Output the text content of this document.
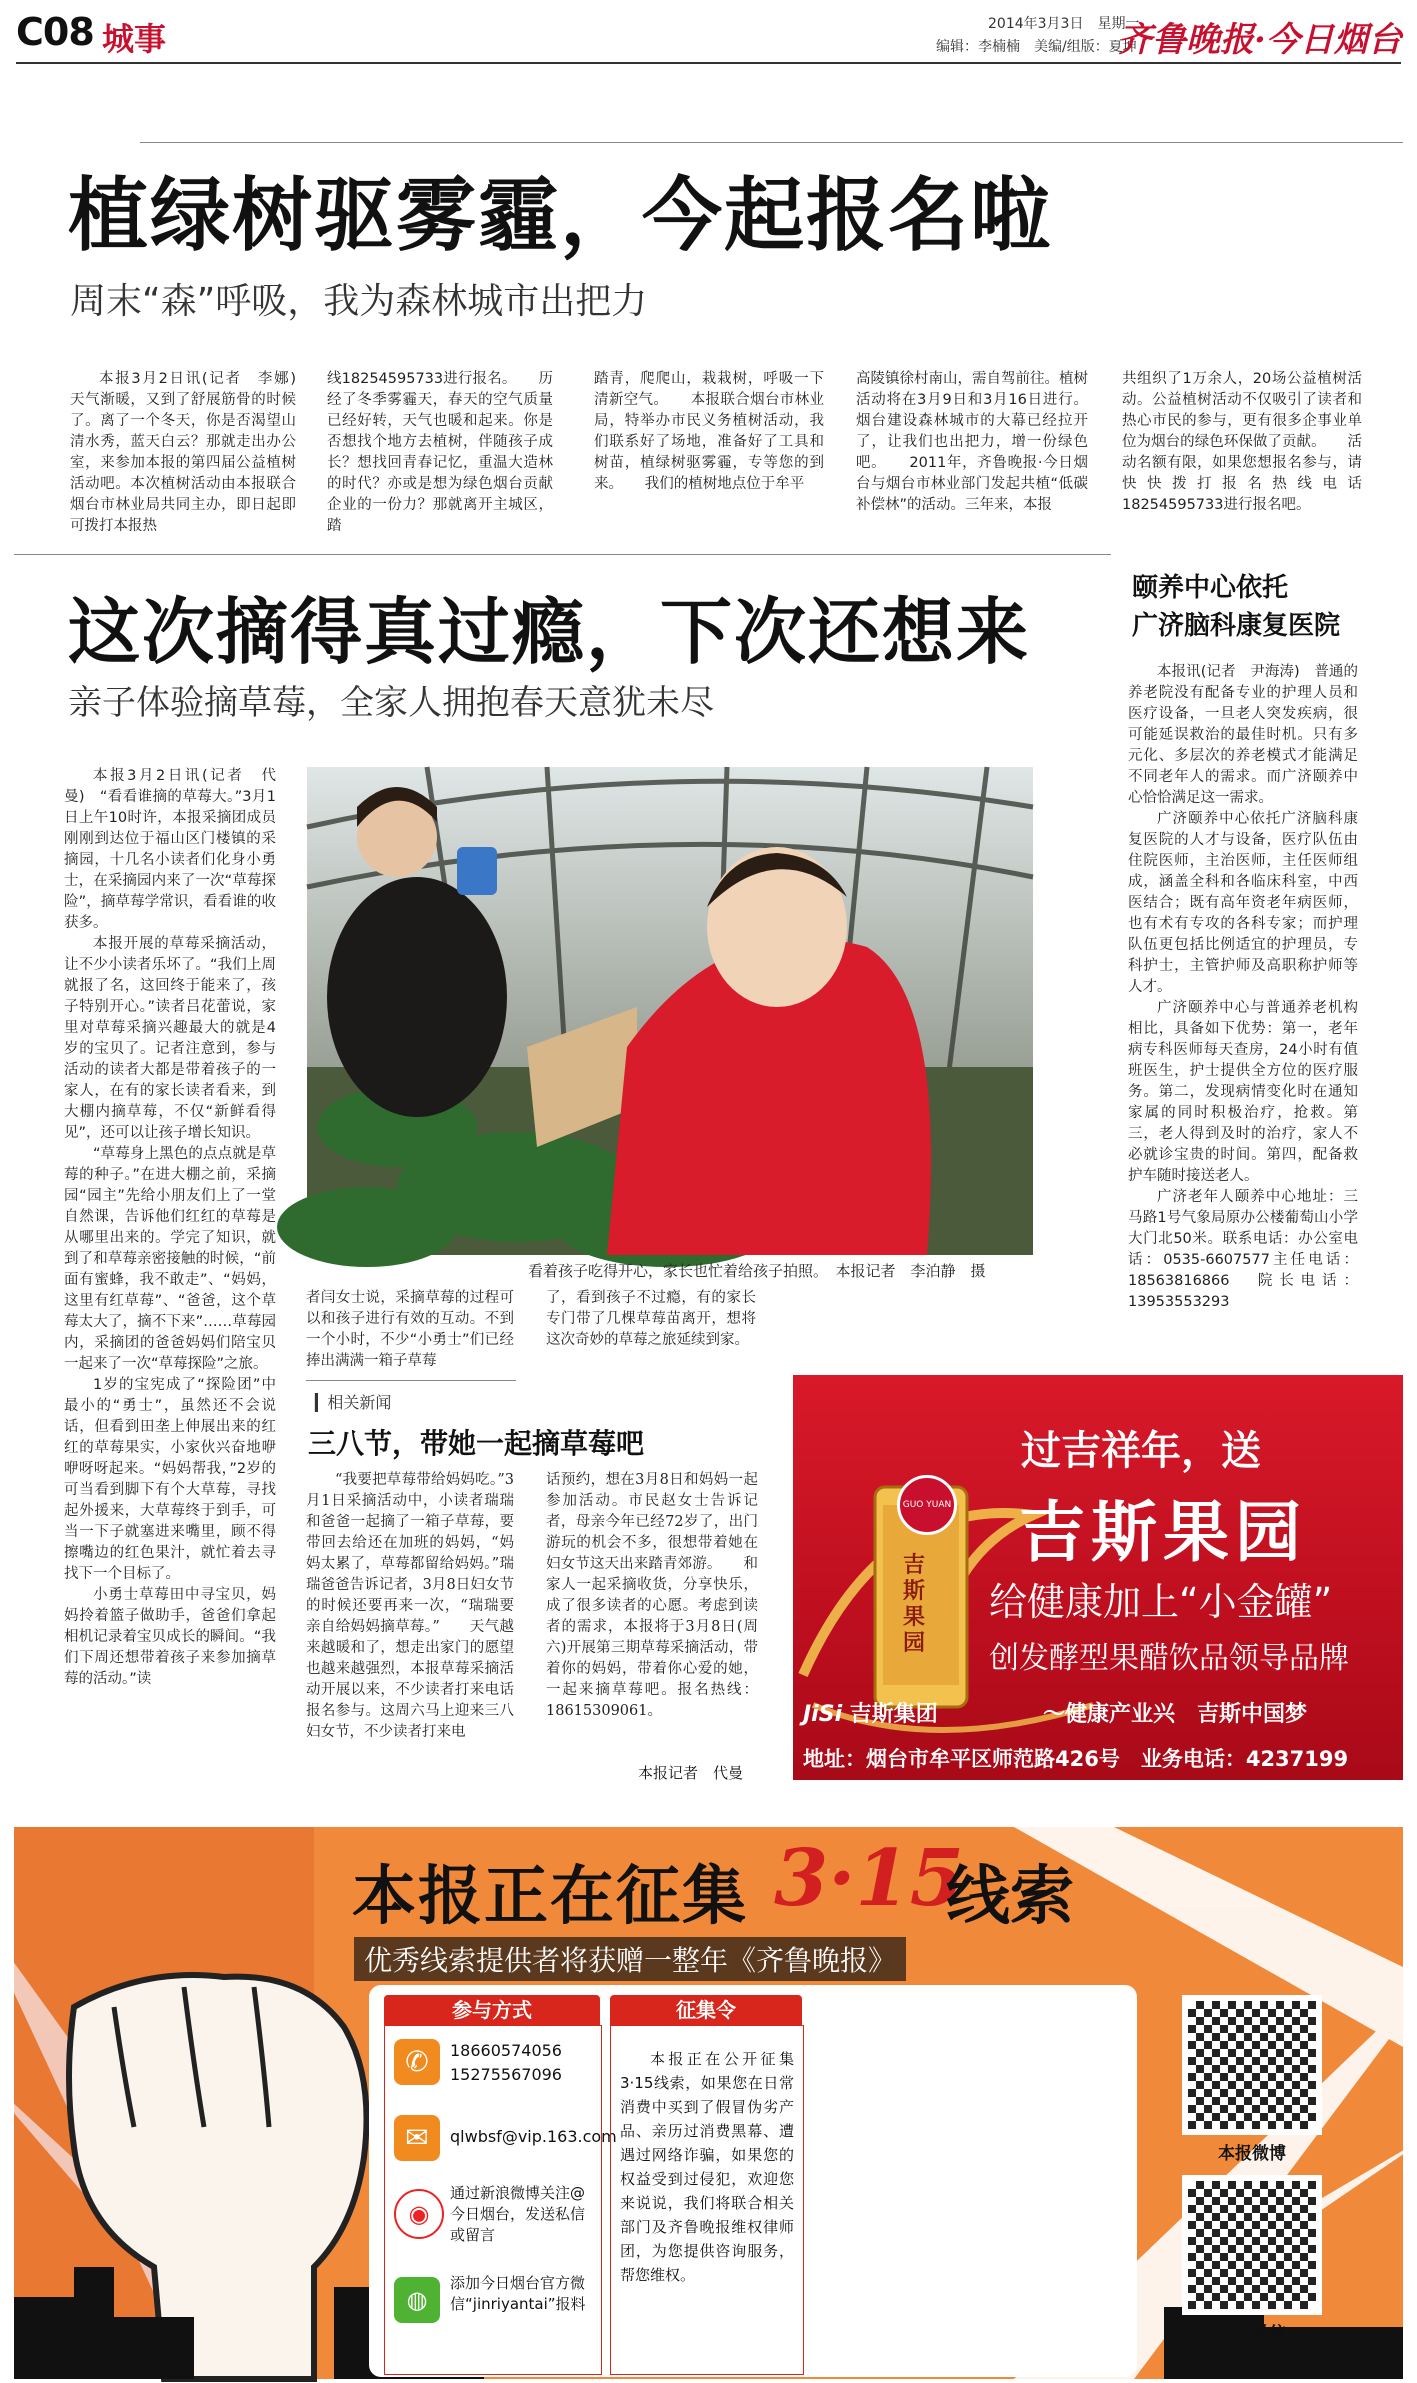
C08 城事	2014年3月3日　星期一
编辑：李楠楠　美编/组版：夏坤
齐鲁晚报·今日烟台
植绿树驱雾霾，今起报名啦
周末“森”呼吸，我为森林城市出把力

本报3月2日讯(记者　李娜)　天气渐暖，又到了舒展筋骨的时候了。离了一个冬天，你是否渴望山清水秀，蓝天白云？那就走出办公室，来参加本报的第四届公益植树活动吧。本次植树活动由本报联合烟台市林业局共同主办，即日起即可拨打本报热

线18254595733进行报名。　　历经了冬季雾霾天，春天的空气质量已经好转，天气也暖和起来。你是否想找个地方去植树，伴随孩子成长？想找回青春记忆，重温大造林的时代？亦或是想为绿色烟台贡献企业的一份力？那就离开主城区，踏

踏青，爬爬山，栽栽树，呼吸一下清新空气。　　本报联合烟台市林业局，特举办市民义务植树活动，我们联系好了场地，准备好了工具和树苗，植绿树驱雾霾，专等您的到来。　　我们的植树地点位于牟平

高陵镇徐村南山，需自驾前往。植树活动将在3月9日和3月16日进行。烟台建设森林城市的大幕已经拉开了，让我们也出把力，增一份绿色吧。　　2011年，齐鲁晚报·今日烟台与烟台市林业部门发起共植“低碳补偿林”的活动。三年来，本报

共组织了1万余人，20场公益植树活动。公益植树活动不仅吸引了读者和热心市民的参与，更有很多企事业单位为烟台的绿色环保做了贡献。　　活动名额有限，如果您想报名参与，请快快拨打报名热线电话18254595733进行报名吧。

这次摘得真过瘾，下次还想来
亲子体验摘草莓，全家人拥抱春天意犹未尽

本报3月2日讯(记者　代曼)　“看看谁摘的草莓大。”3月1日上午10时许，本报采摘团成员刚刚到达位于福山区门楼镇的采摘园，十几名小读者们化身小勇士，在采摘园内来了一次“草莓探险”，摘草莓学常识，看看谁的收获多。

本报开展的草莓采摘活动，让不少小读者乐坏了。“我们上周就报了名，这回终于能来了，孩子特别开心。”读者吕花蕾说，家里对草莓采摘兴趣最大的就是4岁的宝贝了。记者注意到，参与活动的读者大都是带着孩子的一家人，在有的家长读者看来，到大棚内摘草莓，不仅“新鲜看得见”，还可以让孩子增长知识。

“草莓身上黑色的点点就是草莓的种子。”在进大棚之前，采摘园“园主”先给小朋友们上了一堂自然课，告诉他们红红的草莓是从哪里出来的。学完了知识，就到了和草莓亲密接触的时候，“前面有蜜蜂，我不敢走”、“妈妈，这里有红草莓”、“爸爸，这个草莓太大了，摘不下来”……草莓园内，采摘团的爸爸妈妈们陪宝贝一起来了一次“草莓探险”之旅。

1岁的宝宪成了“探险团”中最小的“勇士”，虽然还不会说话，但看到田垄上伸展出来的红红的草莓果实，小家伙兴奋地咿咿呀呀起来。“妈妈帮我，”2岁的可当看到脚下有个大草莓，寻找起外援来，大草莓终于到手，可当一下子就塞进来嘴里，顾不得擦嘴边的红色果汁，就忙着去寻找下一个目标了。

小勇士草莓田中寻宝贝，妈妈拎着篮子做助手，爸爸们拿起相机记录着宝贝成长的瞬间。“我们下周还想带着孩子来参加摘草莓的活动。”读

看着孩子吃得开心，家长也忙着给孩子拍照。　本报记者　李泊静　摄

者闫女士说，采摘草莓的过程可以和孩子进行有效的互动。不到一个小时，不少“小勇士”们已经捧出满满一箱子草莓

了，看到孩子不过瘾，有的家长专门带了几棵草莓苗离开，想将这次奇妙的草莓之旅延续到家。

▎相关新闻
三八节，带她一起摘草莓吧

“我要把草莓带给妈妈吃。”3月1日采摘活动中，小读者瑞瑞和爸爸一起摘了一箱子草莓，要带回去给还在加班的妈妈，“妈妈太累了，草莓都留给妈妈。”瑞瑞爸爸告诉记者，3月8日妇女节的时候还要再来一次，“瑞瑞要亲自给妈妈摘草莓。”　　天气越来越暖和了，想走出家门的愿望也越来越强烈，本报草莓采摘活动开展以来，不少读者打来电话报名参与。这周六马上迎来三八妇女节，不少读者打来电

话预约，想在3月8日和妈妈一起参加活动。市民赵女士告诉记者，母亲今年已经72岁了，出门游玩的机会不多，很想带着她在妇女节这天出来踏青郊游。　　和家人一起采摘收货，分享快乐，成了很多读者的心愿。考虑到读者的需求，本报将于3月8日(周六)开展第三期草莓采摘活动，带着你的妈妈，带着你心爱的她，一起来摘草莓吧。报名热线：18615309061。

本报记者　代曼
颐养中心依托
广济脑科康复医院

本报讯(记者　尹海涛)　普通的养老院没有配备专业的护理人员和医疗设备，一旦老人突发疾病，很可能延误救治的最佳时机。只有多元化、多层次的养老模式才能满足不同老年人的需求。而广济颐养中心恰恰满足这一需求。

广济颐养中心依托广济脑科康复医院的人才与设备，医疗队伍由住院医师，主治医师，主任医师组成，涵盖全科和各临床科室，中西医结合；既有高年资老年病医师，也有术有专攻的各科专家；而护理队伍更包括比例适宜的护理员，专科护士，主管护师及高职称护师等人才。

广济颐养中心与普通养老机构相比，具备如下优势：第一，老年病专科医师每天查房，24小时有值班医生，护士提供全方位的医疗服务。第二，发现病情变化时在通知家属的同时积极治疗，抢救。第三，老人得到及时的治疗，家人不必就诊宝贵的时间。第四，配备救护车随时接送老人。

广济老年人颐养中心地址：三马路1号气象局原办公楼葡萄山小学大门北50米。联系电话：办公室电话：0535-6607577主任电话：18563816866　院长电话：13953553293

过吉祥年，送
GUO YUAN 吉斯果园
吉斯果园
给健康加上“小金罐”
创发酵型果醋饮品领导品牌
JiSi 吉斯集团	～健康产业兴　吉斯中国梦
地址：烟台市牟平区师范路426号　业务电话：4237199
本报正在征集 3·15
线索
优秀线索提供者将获赠一整年《齐鲁晚报》
参与方式
✆	18660574056
15275567096
✉	qlwbsf@vip.163.com
◉
通过新浪微博关注@今日烟台，发送私信或留言
◍
添加今日烟台官方微信“jinriyantai”报料
征集令
本报正在公开征集3·15线索，如果您在日常消费中买到了假冒伪劣产品、亲历过消费黑幕、遭遇过网络诈骗，如果您的权益受到过侵犯，欢迎您来说说，我们将联合相关部门及齐鲁晚报维权律师团，为您提供咨询服务，帮您维权。
本报微博
本报微信
